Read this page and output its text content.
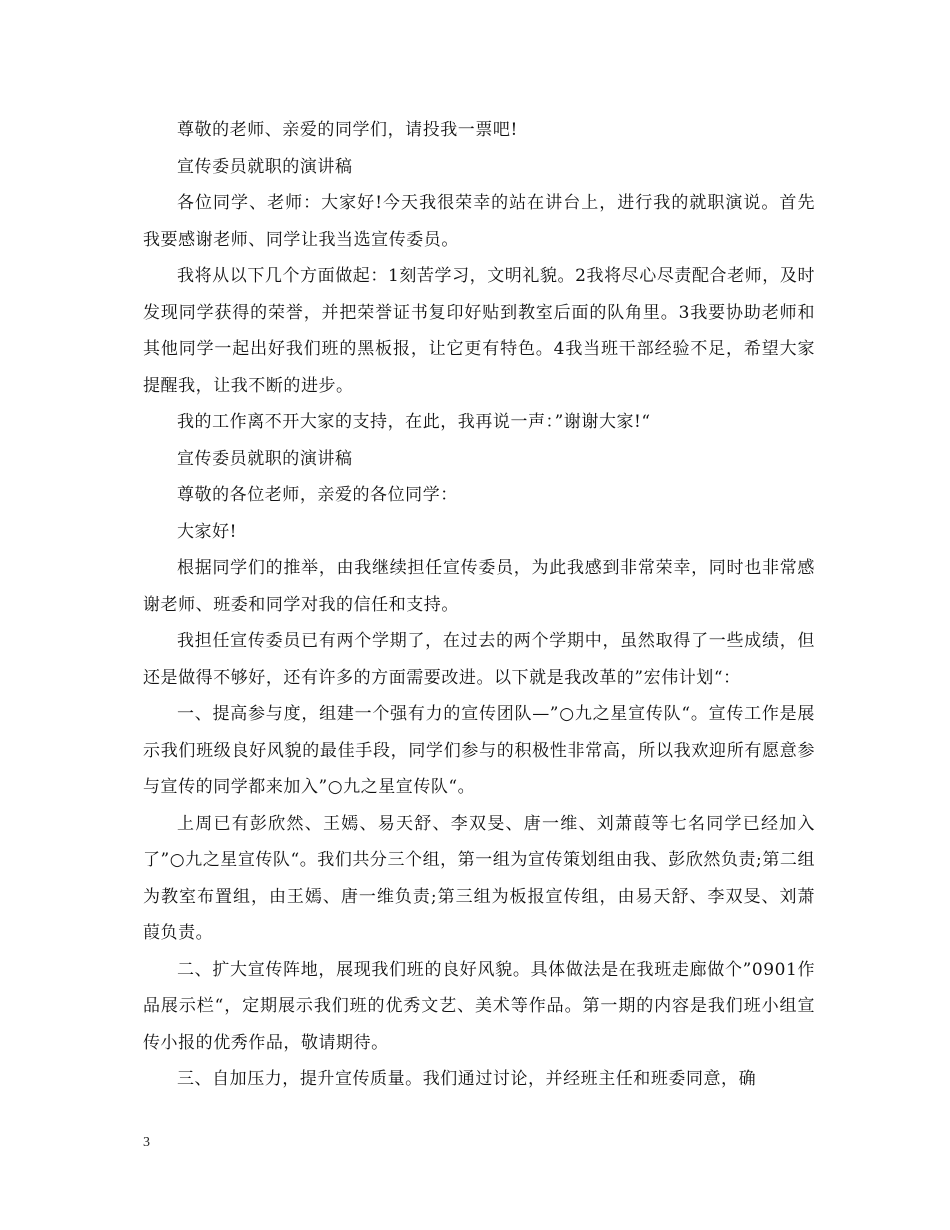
尊敬的老师、亲爱的同学们，请投我一票吧!

宣传委员就职的演讲稿

各位同学、老师：大家好!今天我很荣幸的站在讲台上，进行我的就职演说。首先我要感谢老师、同学让我当选宣传委员。

我将从以下几个方面做起：1刻苦学习，文明礼貌。2我将尽心尽责配合老师，及时发现同学获得的荣誉，并把荣誉证书复印好贴到教室后面的队角里。3我要协助老师和其他同学一起出好我们班的黑板报，让它更有特色。4我当班干部经验不足，希望大家提醒我，让我不断的进步。

我的工作离不开大家的支持，在此，我再说一声：”谢谢大家!“

宣传委员就职的演讲稿

尊敬的各位老师，亲爱的各位同学：

大家好!

根据同学们的推举，由我继续担任宣传委员，为此我感到非常荣幸，同时也非常感谢老师、班委和同学对我的信任和支持。

我担任宣传委员已有两个学期了，在过去的两个学期中，虽然取得了一些成绩，但还是做得不够好，还有许多的方面需要改进。以下就是我改革的”宏伟计划“：

一、提高参与度，组建一个强有力的宣传团队—”○九之星宣传队“。宣传工作是展示我们班级良好风貌的最佳手段，同学们参与的积极性非常高，所以我欢迎所有愿意参与宣传的同学都来加入”○九之星宣传队“。

上周已有彭欣然、王嫣、易天舒、李双旻、唐一维、刘萧葭等七名同学已经加入了”○九之星宣传队“。我们共分三个组，第一组为宣传策划组由我、彭欣然负责;第二组为教室布置组，由王嫣、唐一维负责;第三组为板报宣传组，由易天舒、李双旻、刘萧葭负责。

二、扩大宣传阵地，展现我们班的良好风貌。具体做法是在我班走廊做个”0901作品展示栏“，定期展示我们班的优秀文艺、美术等作品。第一期的内容是我们班小组宣传小报的优秀作品，敬请期待。

三、自加压力，提升宣传质量。我们通过讨论，并经班主任和班委同意，确

3
